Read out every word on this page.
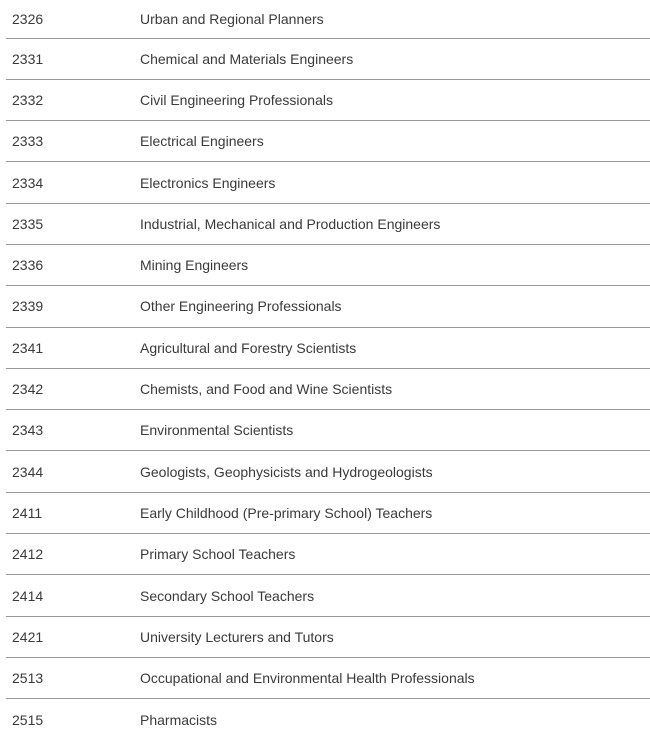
2326	Urban and Regional Planners
2331	Chemical and Materials Engineers
2332	Civil Engineering Professionals
2333	Electrical Engineers
2334	Electronics Engineers
2335	Industrial, Mechanical and Production Engineers
2336	Mining Engineers
2339	Other Engineering Professionals
2341	Agricultural and Forestry Scientists
2342	Chemists, and Food and Wine Scientists
2343	Environmental Scientists
2344	Geologists, Geophysicists and Hydrogeologists
2411	Early Childhood (Pre-primary School) Teachers
2412	Primary School Teachers
2414	Secondary School Teachers
2421	University Lecturers and Tutors
2513	Occupational and Environmental Health Professionals
2515	Pharmacists
